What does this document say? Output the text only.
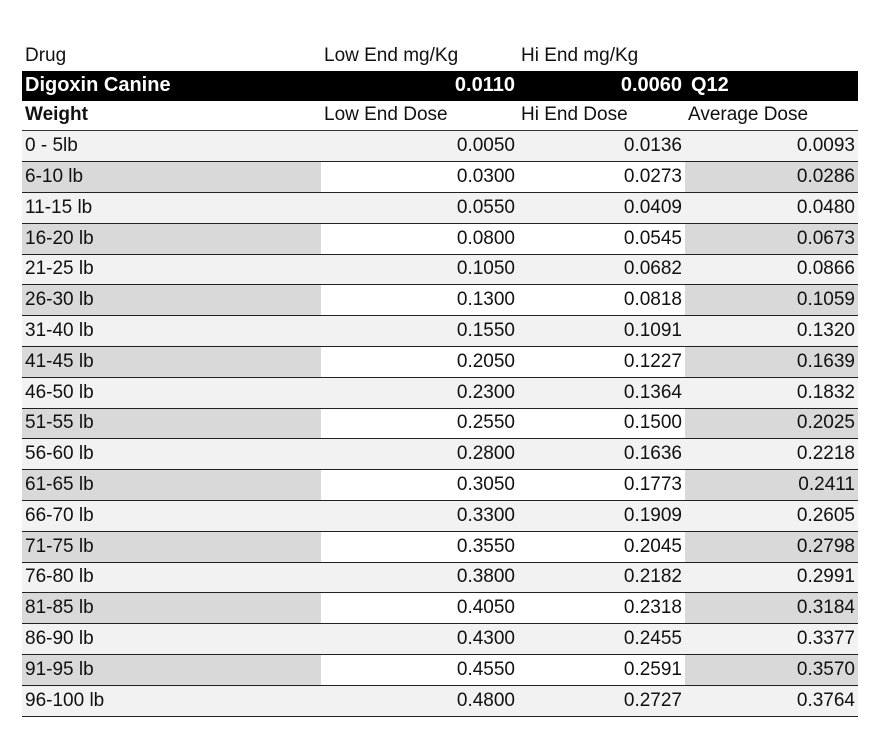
Drug	Low End mg/Kg	Hi End mg/Kg
Digoxin Canine	0.0110	0.0060 Q12
Weight	Low End Dose	Hi End Dose	Average Dose
0 - 5lb	0.0050	0.0136	0.0093
6-10 lb	0.0300	0.0273	0.0286
11-15 lb	0.0550	0.0409	0.0480
16-20 lb	0.0800	0.0545	0.0673
21-25 lb	0.1050	0.0682	0.0866
26-30 lb	0.1300	0.0818	0.1059
31-40 lb	0.1550	0.1091	0.1320
41-45 lb	0.2050	0.1227	0.1639
46-50 lb	0.2300	0.1364	0.1832
51-55 lb	0.2550	0.1500	0.2025
56-60 lb	0.2800	0.1636	0.2218
61-65 lb	0.3050	0.1773	0.2411
66-70 lb	0.3300	0.1909	0.2605
71-75 lb	0.3550	0.2045	0.2798
76-80 lb	0.3800	0.2182	0.2991
81-85 lb	0.4050	0.2318	0.3184
86-90 lb	0.4300	0.2455	0.3377
91-95 lb	0.4550	0.2591	0.3570
96-100 lb	0.4800	0.2727	0.3764
